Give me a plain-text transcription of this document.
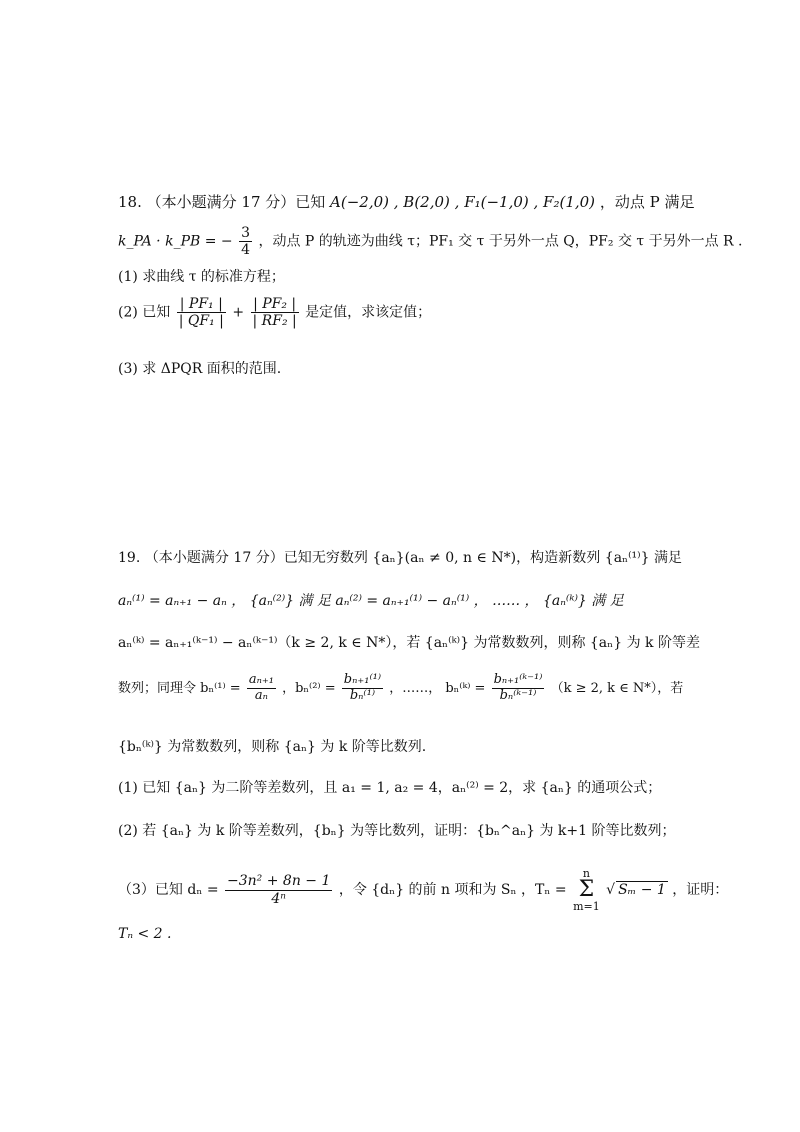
18. （本小题满分 17 分）已知 A(−2,0) , B(2,0) , F₁(−1,0) , F₂(1,0) ，动点 P 满足
k_PA · k_PB = − $\frac{3}{4}$ ，动点 P 的轨迹为曲线 τ；PF₁ 交 τ 于另外一点 Q，PF₂ 交 τ 于另外一点 R .
(1) 求曲线 τ 的标准方程；
(2) 已知 $\frac{\text{| PF₁ |}}{\text{| QF₁ |}} + \frac{\text{| PF₂ |}}{\text{| RF₂ |}}$ 是定值，求该定值；
(3) 求 ΔPQR 面积的范围.
19. （本小题满分 17 分）已知无穷数列 {aₙ}(aₙ ≠ 0, n ∈ N*)，构造新数列 {aₙ⁽¹⁾} 满足
aₙ⁽¹⁾ = aₙ₊₁ − aₙ ， {aₙ⁽²⁾} 满 足 aₙ⁽²⁾ = aₙ₊₁⁽¹⁾ − aₙ⁽¹⁾ ， …… ， {aₙ⁽ᵏ⁾} 满 足
aₙ⁽ᵏ⁾ = aₙ₊₁⁽ᵏ⁻¹⁾ − aₙ⁽ᵏ⁻¹⁾（k ≥ 2, k ∈ N*），若 {aₙ⁽ᵏ⁾} 为常数数列，则称 {aₙ} 为 k 阶等差
数列；同理令 $b_n^{(1)} = \frac{\text{aₙ₊₁}}{\text{aₙ}}$ ，$b_n^{(2)} = \frac{\text{bₙ₊₁⁽¹⁾}}{\text{bₙ⁽¹⁾}}$ ，……， bₙ⁽ᵏ⁾ = $\frac{\text{bₙ₊₁⁽ᵏ⁻¹⁾}}{\text{bₙ⁽ᵏ⁻¹⁾}} (k \ge 2$, k ∈ N*），若
{bₙ⁽ᵏ⁾} 为常数数列，则称 {aₙ} 为 k 阶等比数列.
(1) 已知 {aₙ} 为二阶等差数列，且 a₁ = 1, a₂ = 4，aₙ⁽²⁾ = 2，求 {aₙ} 的通项公式；
(2) 若 {aₙ} 为 k 阶等差数列，{bₙ} 为等比数列，证明：{bₙ^aₙ} 为 k+1 阶等比数列；
（3）已知 $d_n = \frac{\text{−3n² + 8n − 1}}{\text{4ⁿ}}$ ，令 {dₙ} 的前 n 项和为 Sₙ ，Tₙ = n
Σ
m=1 √ Sₘ − 1 ，证明：
Tₙ < 2 .
